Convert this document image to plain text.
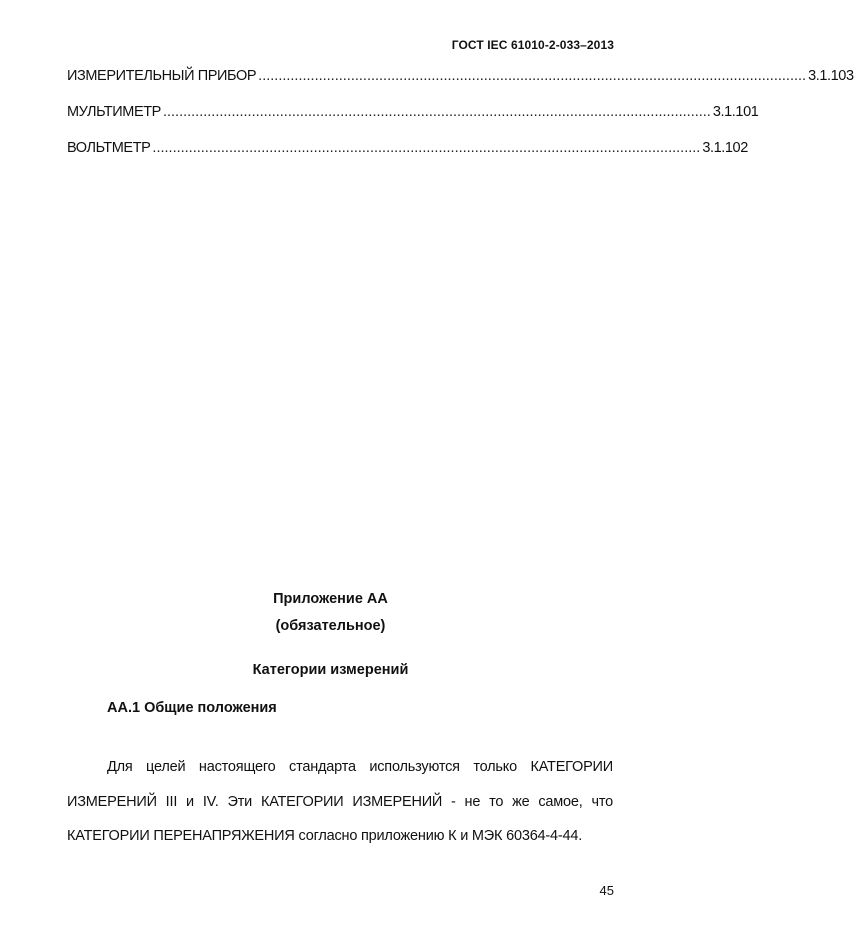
ГОСТ IEC 61010-2-033–2013
ИЗМЕРИТЕЛЬНЫЙ ПРИБОР ........................................................................................................................................ 3.1.103
МУЛЬТИМЕТР ........................................................................................................................................ 3.1.101
ВОЛЬТМЕТР ........................................................................................................................................ 3.1.102
Приложение АА
(обязательное)
Категории измерений
АА.1 Общие положения
Для целей настоящего стандарта используются только КАТЕГОРИИ ИЗМЕРЕНИЙ III и IV. Эти КАТЕГОРИИ ИЗМЕРЕНИЙ - не то же самое, что КАТЕГОРИИ ПЕРЕНАПРЯЖЕНИЯ согласно приложению К и МЭК 60364-4-44.
45
